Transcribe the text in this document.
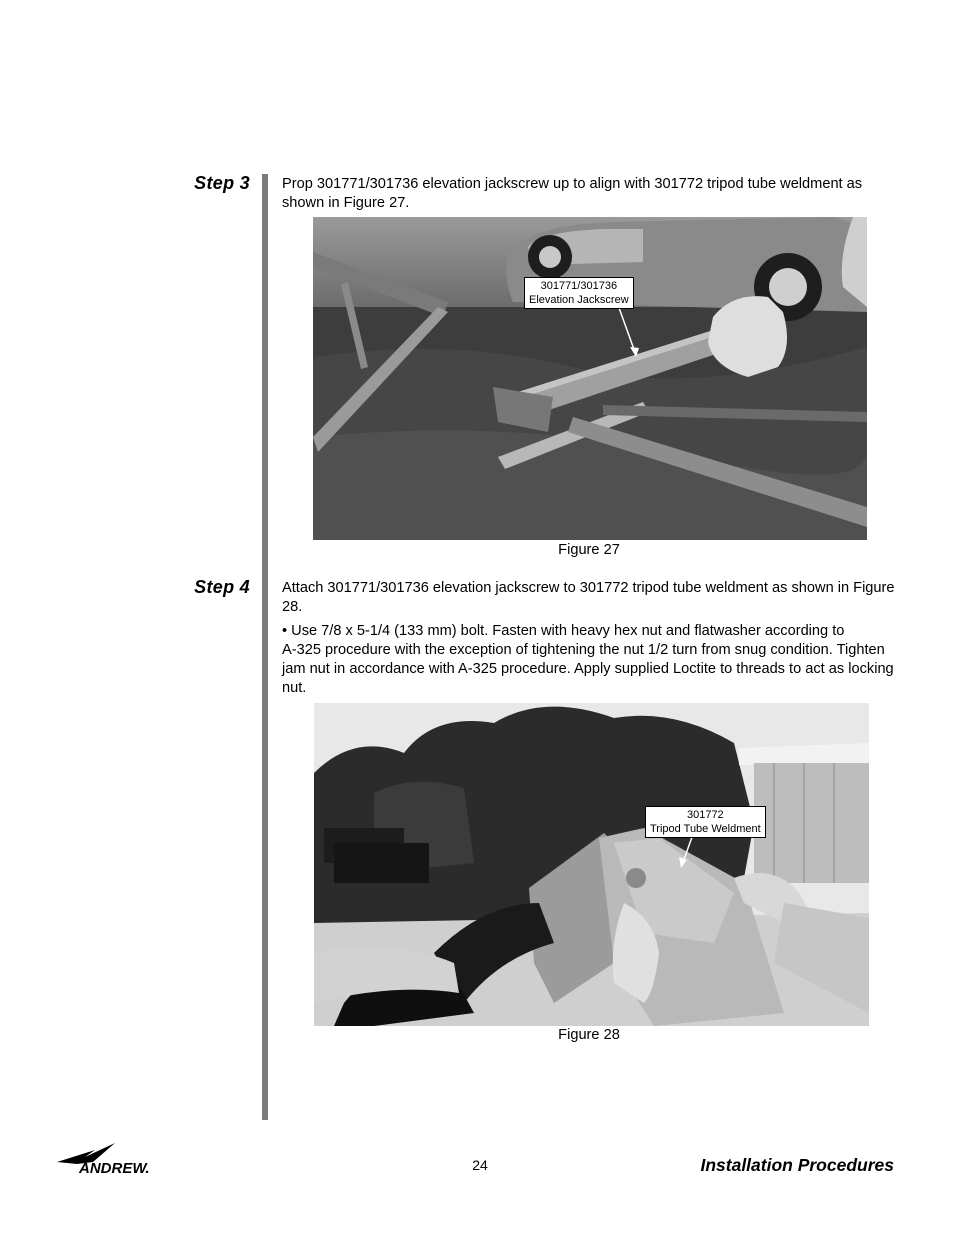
Step 3 Prop 301771/301736 elevation jackscrew up to align with 301772 tripod tube weldment as shown in Figure 27.

301771/301736
Elevation Jackscrew
Figure 27
Step 4 Attach 301771/301736 elevation jackscrew to 301772 tripod tube weldment as shown in Figure 28.

• Use 7/8 x 5-1/4 (133 mm) bolt. Fasten with heavy hex nut and flatwasher according to

A-325 procedure with the exception of tightening the nut 1/2 turn from snug condition. Tighten jam nut in accordance with A-325 procedure. Apply supplied Loctite to threads to act as locking nut.

301772
Tripod Tube Weldment
Figure 28
ANDREW.	24	Installation Procedures
